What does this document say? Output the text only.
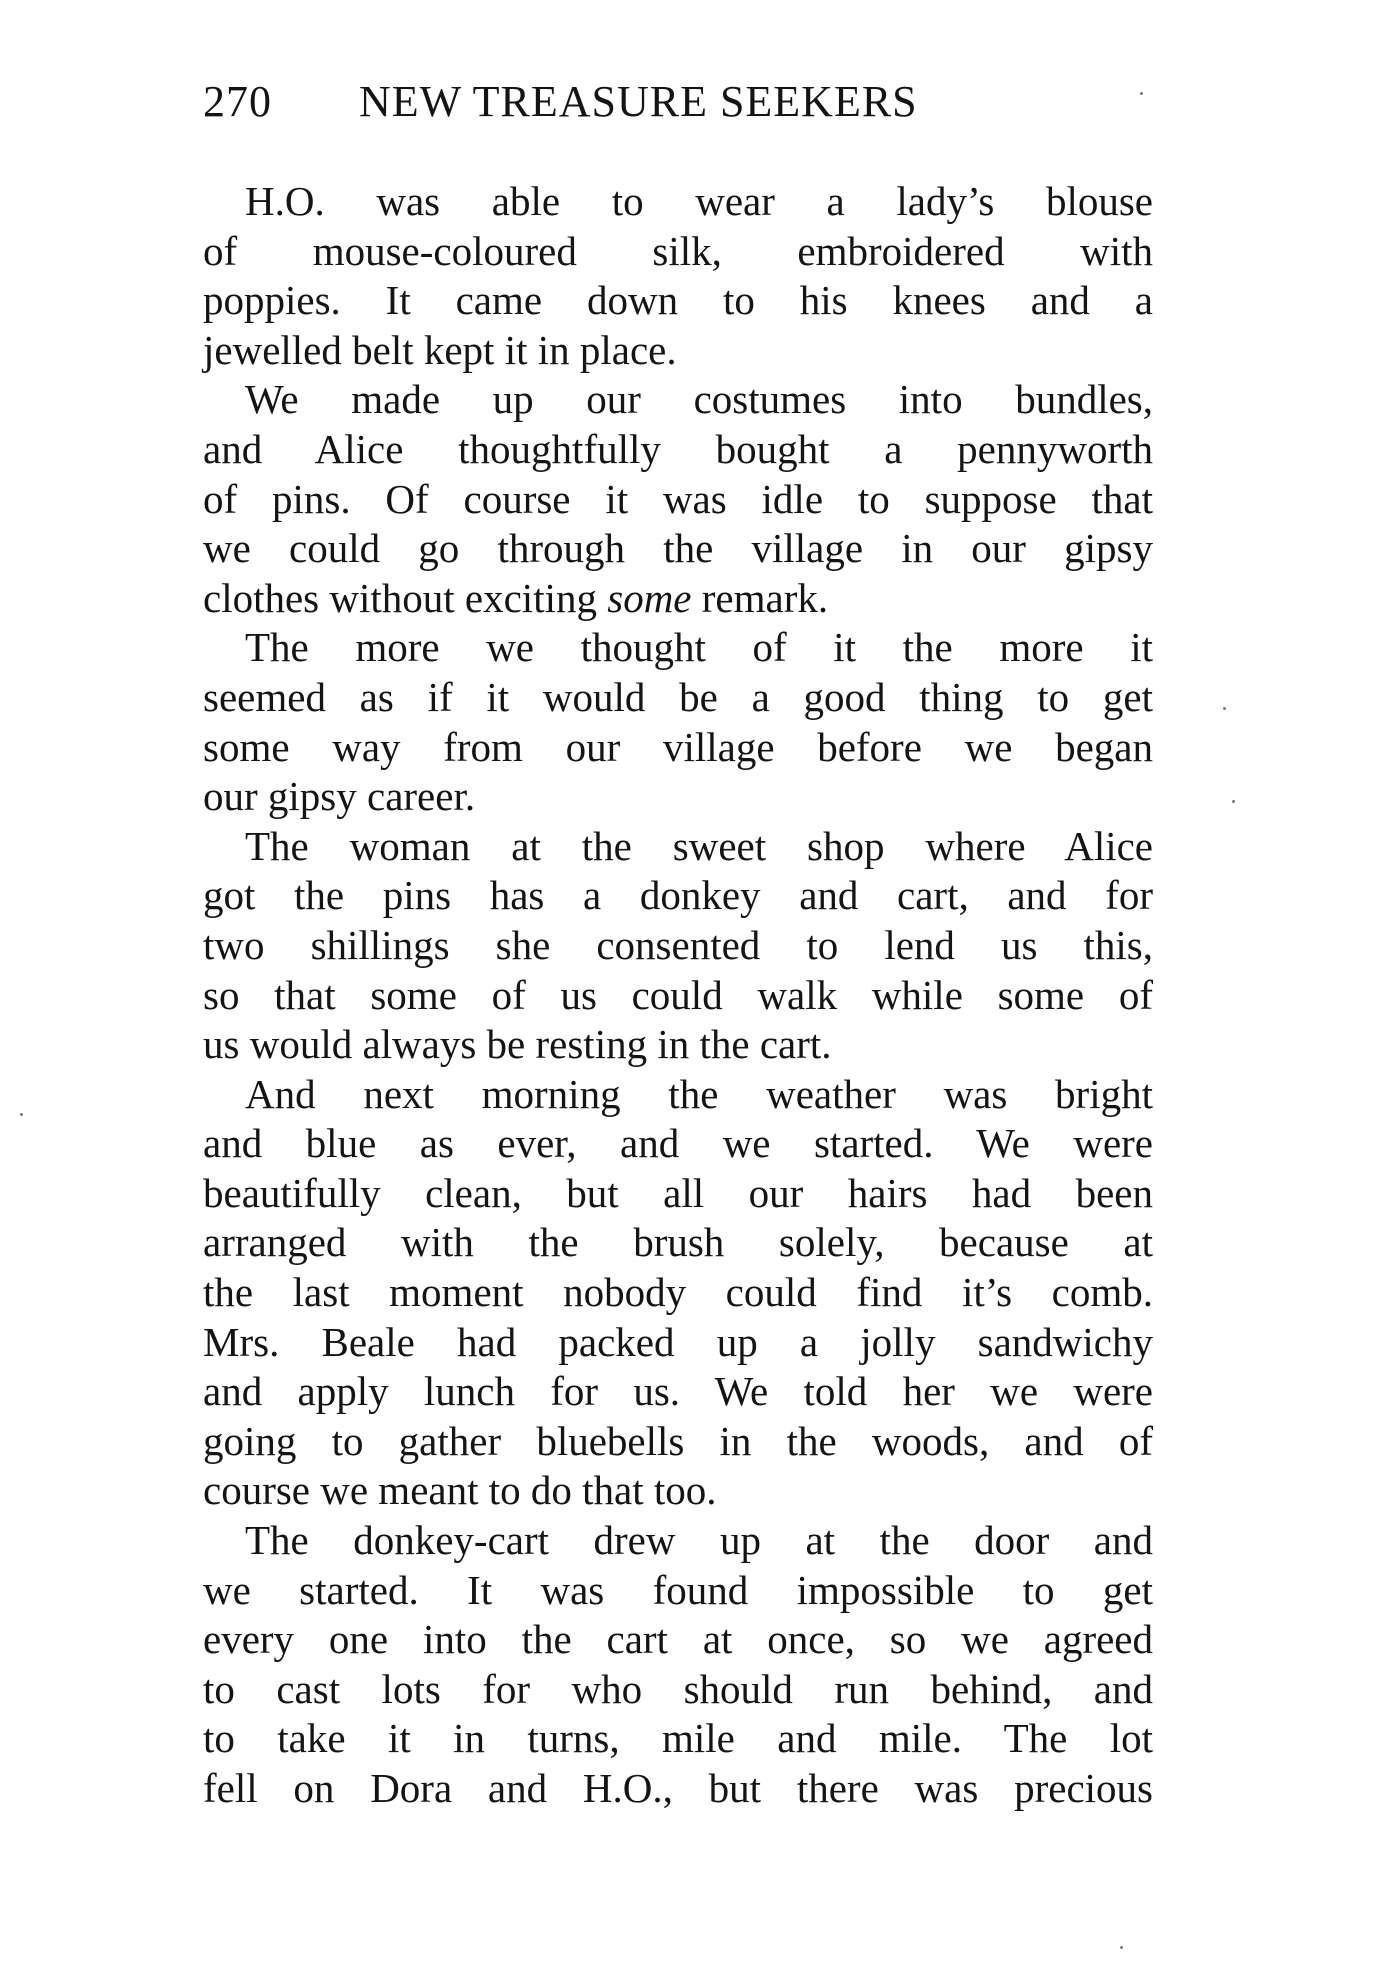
270 NEW TREASURE SEEKERS
H.O. was able to wear a lady’s blouse
of mouse-coloured silk, embroidered with
poppies. It came down to his knees and a
jewelled belt kept it in place.
We made up our costumes into bundles,
and Alice thoughtfully bought a pennyworth
of pins. Of course it was idle to suppose that
we could go through the village in our gipsy
clothes without exciting some remark.
The more we thought of it the more it
seemed as if it would be a good thing to get
some way from our village before we began
our gipsy career.
The woman at the sweet shop where Alice
got the pins has a donkey and cart, and for
two shillings she consented to lend us this,
so that some of us could walk while some of
us would always be resting in the cart.
And next morning the weather was bright
and blue as ever, and we started. We were
beautifully clean, but all our hairs had been
arranged with the brush solely, because at
the last moment nobody could find it’s comb.
Mrs. Beale had packed up a jolly sandwichy
and apply lunch for us. We told her we were
going to gather bluebells in the woods, and of
course we meant to do that too.
The donkey-cart drew up at the door and
we started. It was found impossible to get
every one into the cart at once, so we agreed
to cast lots for who should run behind, and
to take it in turns, mile and mile. The lot
fell on Dora and H.O., but there was precious
